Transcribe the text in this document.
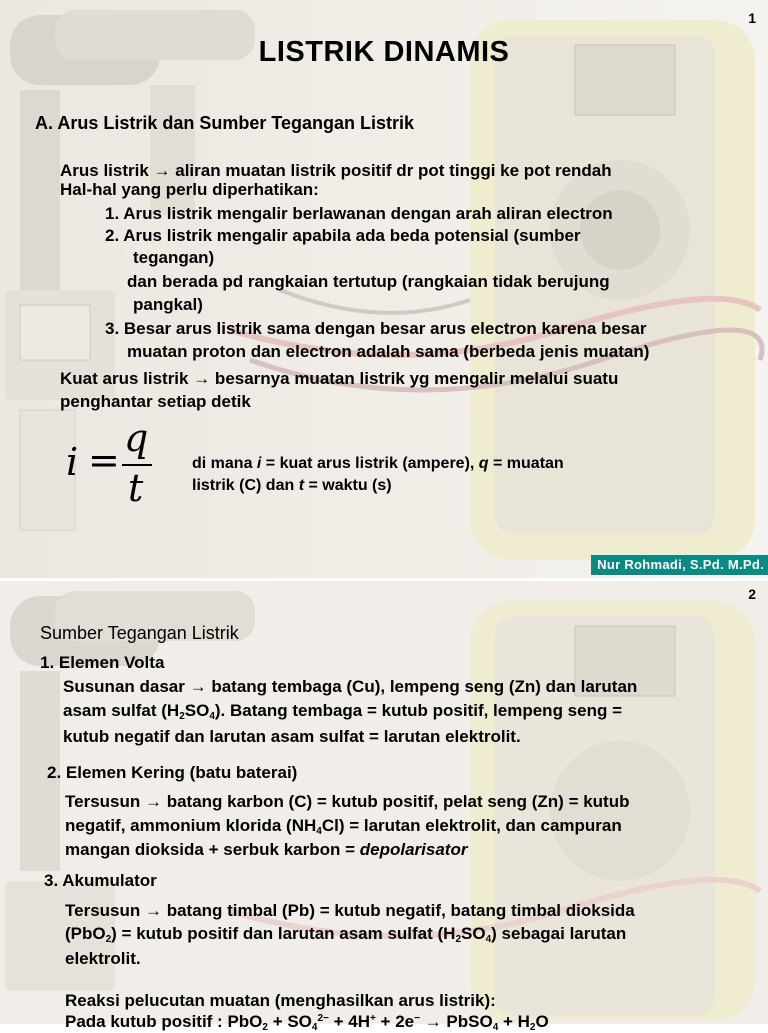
1
LISTRIK DINAMIS
A. Arus Listrik dan Sumber Tegangan Listrik
Arus listrik → aliran muatan listrik positif dr pot tinggi ke pot rendah
Hal-hal yang perlu diperhatikan:
1. Arus listrik mengalir berlawanan dengan arah aliran electron
2. Arus listrik mengalir apabila ada beda potensial (sumber
tegangan)
dan berada pd rangkaian tertutup (rangkaian tidak berujung
pangkal)
3. Besar arus listrik sama dengan besar arus electron karena besar
muatan proton dan electron adalah sama (berbeda jenis muatan)
Kuat arus listrik → besarnya muatan listrik yg mengalir melalui suatu
penghantar setiap detik
i = q
t
di mana i = kuat arus listrik (ampere), q = muatan
listrik (C) dan t = waktu (s)
Nur Rohmadi, S.Pd. M.Pd.
2
Sumber Tegangan Listrik
1. Elemen Volta
Susunan dasar → batang tembaga (Cu), lempeng seng (Zn) dan larutan
asam sulfat $(H_2SO_4)$. Batang tembaga = kutub positif, lempeng seng =
kutub negatif dan larutan asam sulfat = larutan elektrolit.
2. Elemen Kering (batu baterai)
Tersusun → batang karbon (C) = kutub positif, pelat seng (Zn) = kutub
negatif, ammonium klorida $(NH_4Cl)$ = larutan elektrolit, dan campuran
mangan dioksida + serbuk karbon = depolarisator
3. Akumulator
Tersusun → batang timbal (Pb) = kutub negatif, batang timbal dioksida
(PbO$_2$) = kutub positif dan larutan asam sulfat $(H_2SO_4)$ sebagai larutan
elektrolit.
Reaksi pelucutan muatan (menghasilkan arus listrik):
Pada kutub positif : $PbO_2 + SO_4^{2-} + 4H^+ + 2e^-$ → PbSO$_4$ + $H_2O$
